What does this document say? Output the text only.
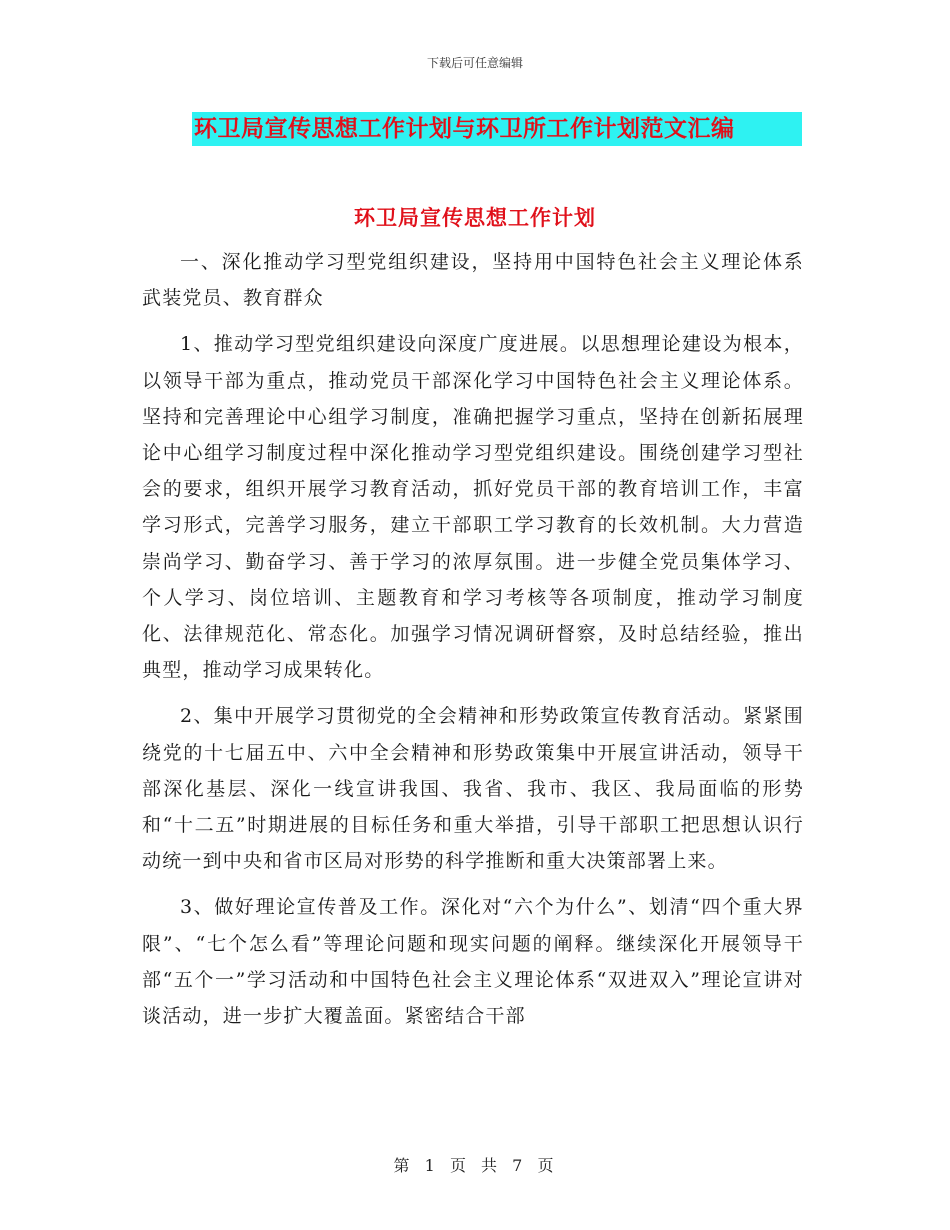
下载后可任意编辑
环卫局宣传思想工作计划与环卫所工作计划范文汇编
环卫局宣传思想工作计划

一、深化推动学习型党组织建设，坚持用中国特色社会主义理论体系武装党员、教育群众

1、推动学习型党组织建设向深度广度进展。以思想理论建设为根本，以领导干部为重点，推动党员干部深化学习中国特色社会主义理论体系。坚持和完善理论中心组学习制度，准确把握学习重点，坚持在创新拓展理论中心组学习制度过程中深化推动学习型党组织建设。围绕创建学习型社会的要求，组织开展学习教育活动，抓好党员干部的教育培训工作，丰富学习形式，完善学习服务，建立干部职工学习教育的长效机制。大力营造崇尚学习、勤奋学习、善于学习的浓厚氛围。进一步健全党员集体学习、个人学习、岗位培训、主题教育和学习考核等各项制度，推动学习制度化、法律规范化、常态化。加强学习情况调研督察，及时总结经验，推出典型，推动学习成果转化。

2、集中开展学习贯彻党的全会精神和形势政策宣传教育活动。紧紧围绕党的十七届五中、六中全会精神和形势政策集中开展宣讲活动，领导干部深化基层、深化一线宣讲我国、我省、我市、我区、我局面临的形势和“十二五”时期进展的目标任务和重大举措，引导干部职工把思想认识行动统一到中央和省市区局对形势的科学推断和重大决策部署上来。

3、做好理论宣传普及工作。深化对“六个为什么”、划清“四个重大界限”、“七个怎么看”等理论问题和现实问题的阐释。继续深化开展领导干部“五个一”学习活动和中国特色社会主义理论体系“双进双入”理论宣讲对谈活动，进一步扩大覆盖面。紧密结合干部

第 1 页 共 7 页
